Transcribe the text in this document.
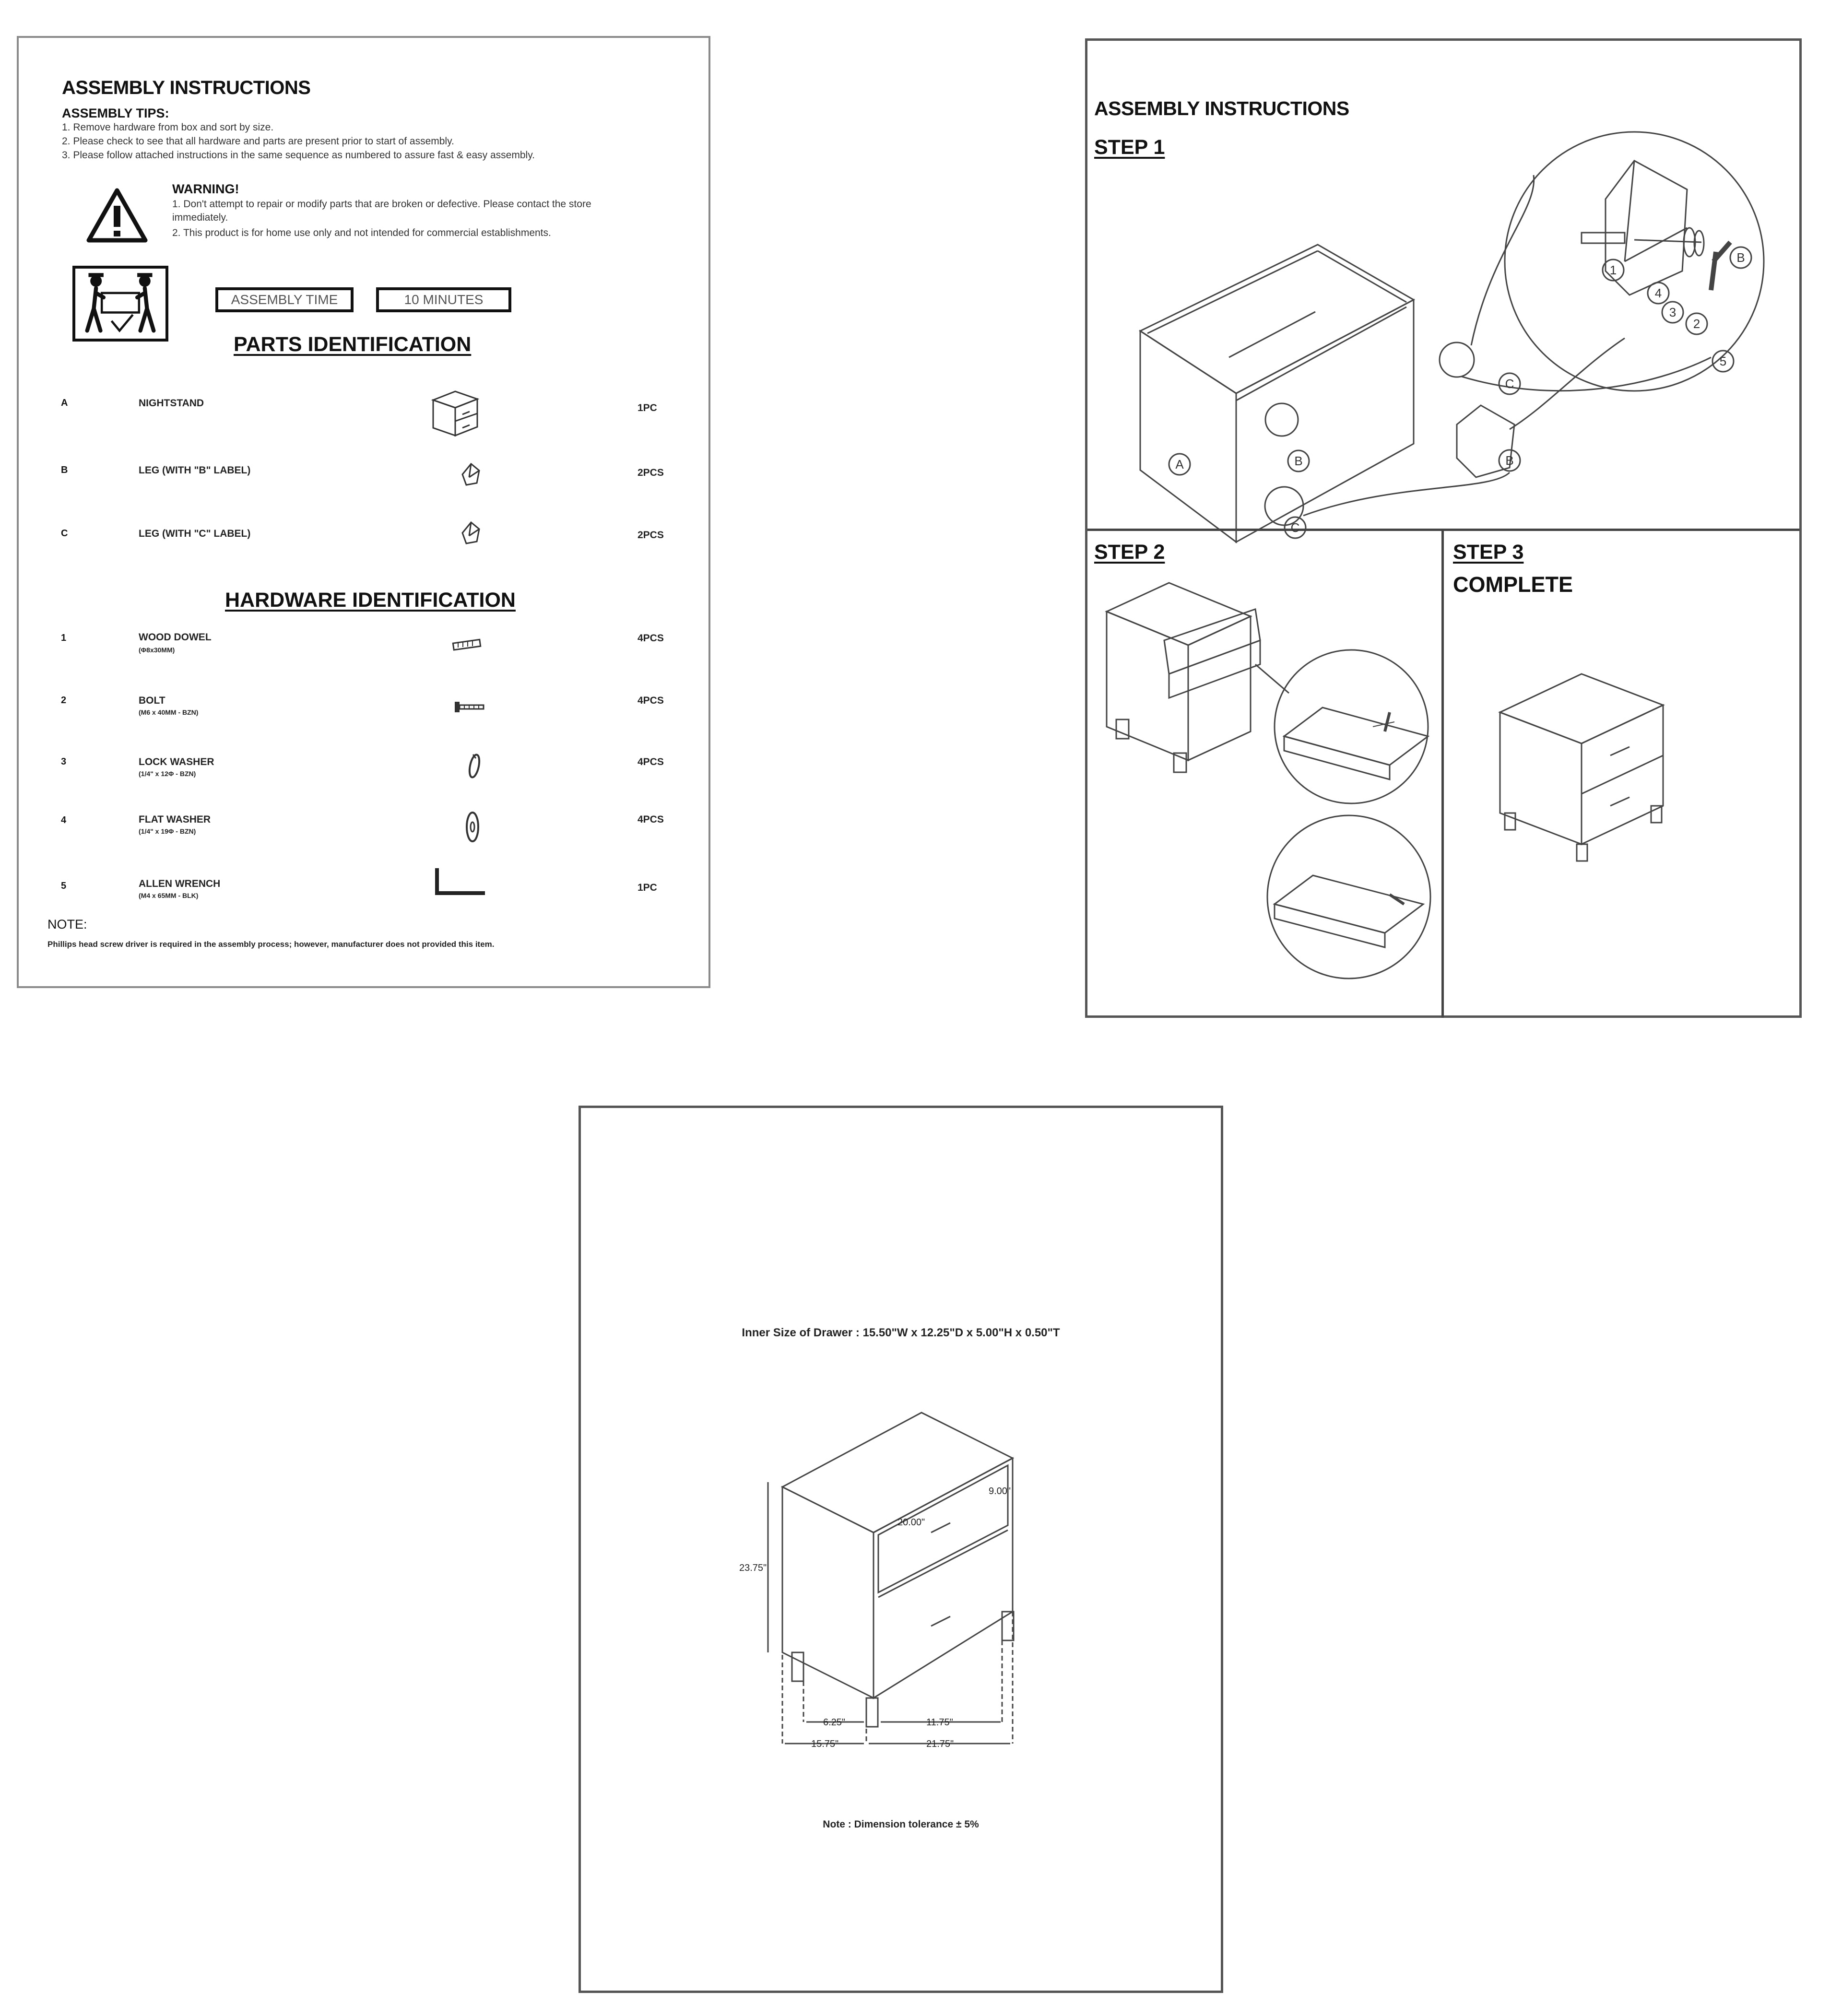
ASSEMBLY INSTRUCTIONS
ASSEMBLY TIPS:
1. Remove hardware from box and sort by size.
2. Please check to see that all hardware and parts are present prior to start of assembly.
3. Please follow attached instructions in the same sequence as numbered to assure fast & easy assembly.
WARNING!
1. Don't attempt to repair or modify parts that are broken or defective. Please contact the store
immediately.
2. This product is for home use only and not intended for commercial establishments.
ASSEMBLY TIME	10 MINUTES
PARTS IDENTIFICATION
A	NIGHTSTAND	1PC
B	LEG (WITH "B" LABEL)	2PCS
C	LEG (WITH "C" LABEL)	2PCS
HARDWARE IDENTIFICATION
1	WOOD DOWEL
(Φ8x30MM)
4PCS
2	BOLT
(M6 x 40MM - BZN)
4PCS
3	LOCK WASHER
(1/4" x 12Φ - BZN)
4PCS
4	FLAT WASHER
(1/4" x 19Φ - BZN)
4PCS
5	ALLEN WRENCH
(M4 x 65MM - BLK)
1PC
NOTE:
Phillips head screw driver is required in the assembly process; however, manufacturer does not provided this item.
ASSEMBLY INSTRUCTIONS
STEP 1
STEP 2	STEP 3
COMPLETE
1
4
3
2
5
B
A	B
C
C
B
Inner Size of Drawer : 15.50"W x 12.25"D x 5.00"H x 0.50"T
23.75"
20.00"
9.00"
6.25"	11.75"
15.75"	21.75"
Note : Dimension tolerance ± 5%
